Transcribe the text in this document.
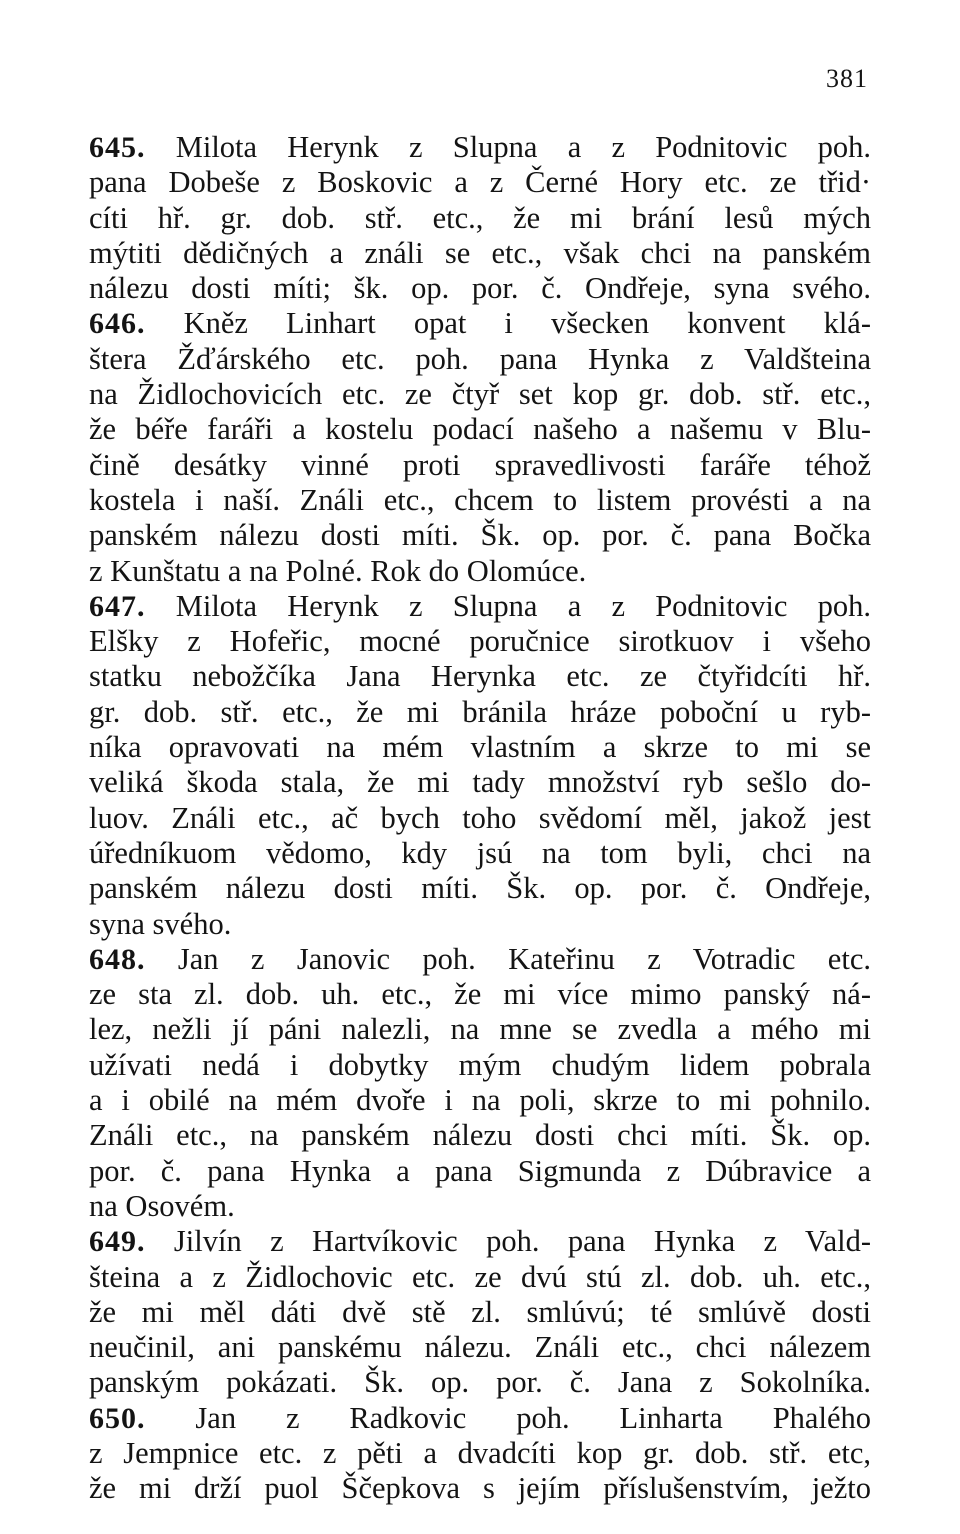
381
645. Milota Herynk z Slupna a z Podnitovic poh.
pana Dobeše z Boskovic a z Černé Hory etc. ze třid·
cíti hř. gr. dob. stř. etc., že mi brání lesů mých
mýtiti dědičných a ználi se etc., však chci na panském
nálezu dosti míti; šk. op. por. č. Ondřeje, syna svého.
646. Kněz Linhart opat i všecken konvent klá-
štera Žďárského etc. poh. pana Hynka z Valdšteina
na Židlochovicích etc. ze čtyř set kop gr. dob. stř. etc.,
že béře faráři a kostelu podací našeho a našemu v Blu-
čině desátky vinné proti spravedlivosti faráře téhož
kostela i naší. Ználi etc., chcem to listem provésti a na
panském nálezu dosti míti. Šk. op. por. č. pana Bočka
z Kunštatu a na Polné. Rok do Olomúce.
647. Milota Herynk z Slupna a z Podnitovic poh.
Elšky z Hofeřic, mocné poručnice sirotkuov i všeho
statku nebožčíka Jana Herynka etc. ze čtyřidcíti hř.
gr. dob. stř. etc., že mi bránila hráze poboční u ryb-
níka opravovati na mém vlastním a skrze to mi se
veliká škoda stala, že mi tady množství ryb sešlo do-
luov. Ználi etc., ač bych toho svědomí měl, jakož jest
úředníkuom vědomo, kdy jsú na tom byli, chci na
panském nálezu dosti míti. Šk. op. por. č. Ondřeje,
syna svého.
648. Jan z Janovic poh. Kateřinu z Votradic etc.
ze sta zl. dob. uh. etc., že mi více mimo panský ná-
lez, nežli jí páni nalezli, na mne se zvedla a mého mi
užívati nedá i dobytky mým chudým lidem pobrala
a i obilé na mém dvoře i na poli, skrze to mi pohnilo.
Ználi etc., na panském nálezu dosti chci míti. Šk. op.
por. č. pana Hynka a pana Sigmunda z Dúbravice a
na Osovém.
649. Jilvín z Hartvíkovic poh. pana Hynka z Vald-
šteina a z Židlochovic etc. ze dvú stú zl. dob. uh. etc.,
že mi měl dáti dvě stě zl. smlúvú; té smlúvě dosti
neučinil, ani panskému nálezu. Ználi etc., chci nálezem
panským pokázati. Šk. op. por. č. Jana z Sokolníka.
650. Jan z Radkovic poh. Linharta Phalého
z Jempnice etc. z pěti a dvadcíti kop gr. dob. stř. etc,
že mi drží puol Ščepkova s jejím příslušenstvím, ježto
